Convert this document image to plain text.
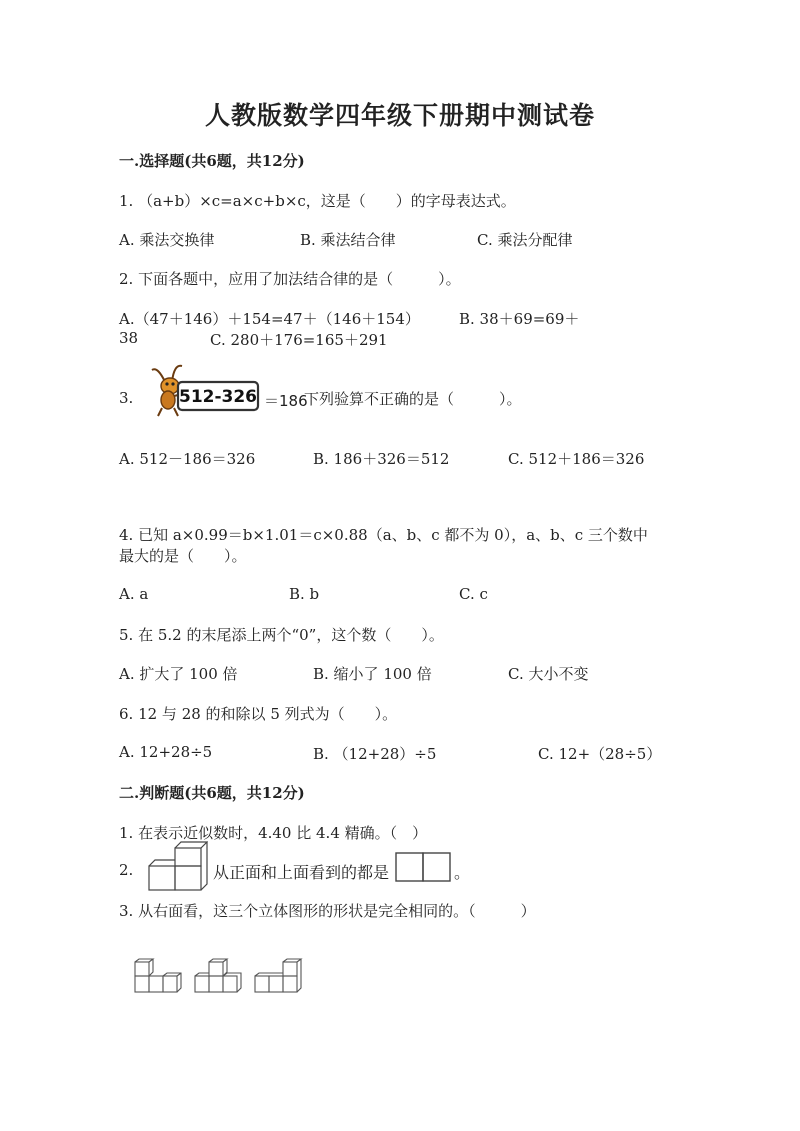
人教版数学四年级下册期中测试卷
一.选择题(共6题，共12分)
1. （a+b）×c=a×c+b×c，这是（　　）的字母表达式。
A. 乘法交换律	B. 乘法结合律	C. 乘法分配律
2. 下面各题中，应用了加法结合律的是（　　　）。
A.（47＋146）＋154=47＋（146＋154）	B. 38＋69=69＋
38	C. 280＋176=165＋291
3.	512-326 ＝186
下列验算不正确的是（　　　）。
A. 512－186＝326	B. 186＋326＝512	C. 512＋186＝326
4. 已知 a×0.99＝b×1.01＝c×0.88（a、b、c 都不为 0），a、b、c 三个数中
最大的是（　　）。
A. a	B. b	C. c
5. 在 5.2 的末尾添上两个“0”，这个数（　　）。
A. 扩大了 100 倍	B. 缩小了 100 倍	C. 大小不变
6. 12 与 28 的和除以 5 列式为（　　）。
A. 12+28÷5	B. （12+28）÷5	C. 12+（28÷5）
二.判断题(共6题，共12分)
1. 在表示近似数时，4.40 比 4.4 精确。（　）
2.	从正面和上面看到的都是	。
3. 从右面看，这三个立体图形的形状是完全相同的。（　　　）
